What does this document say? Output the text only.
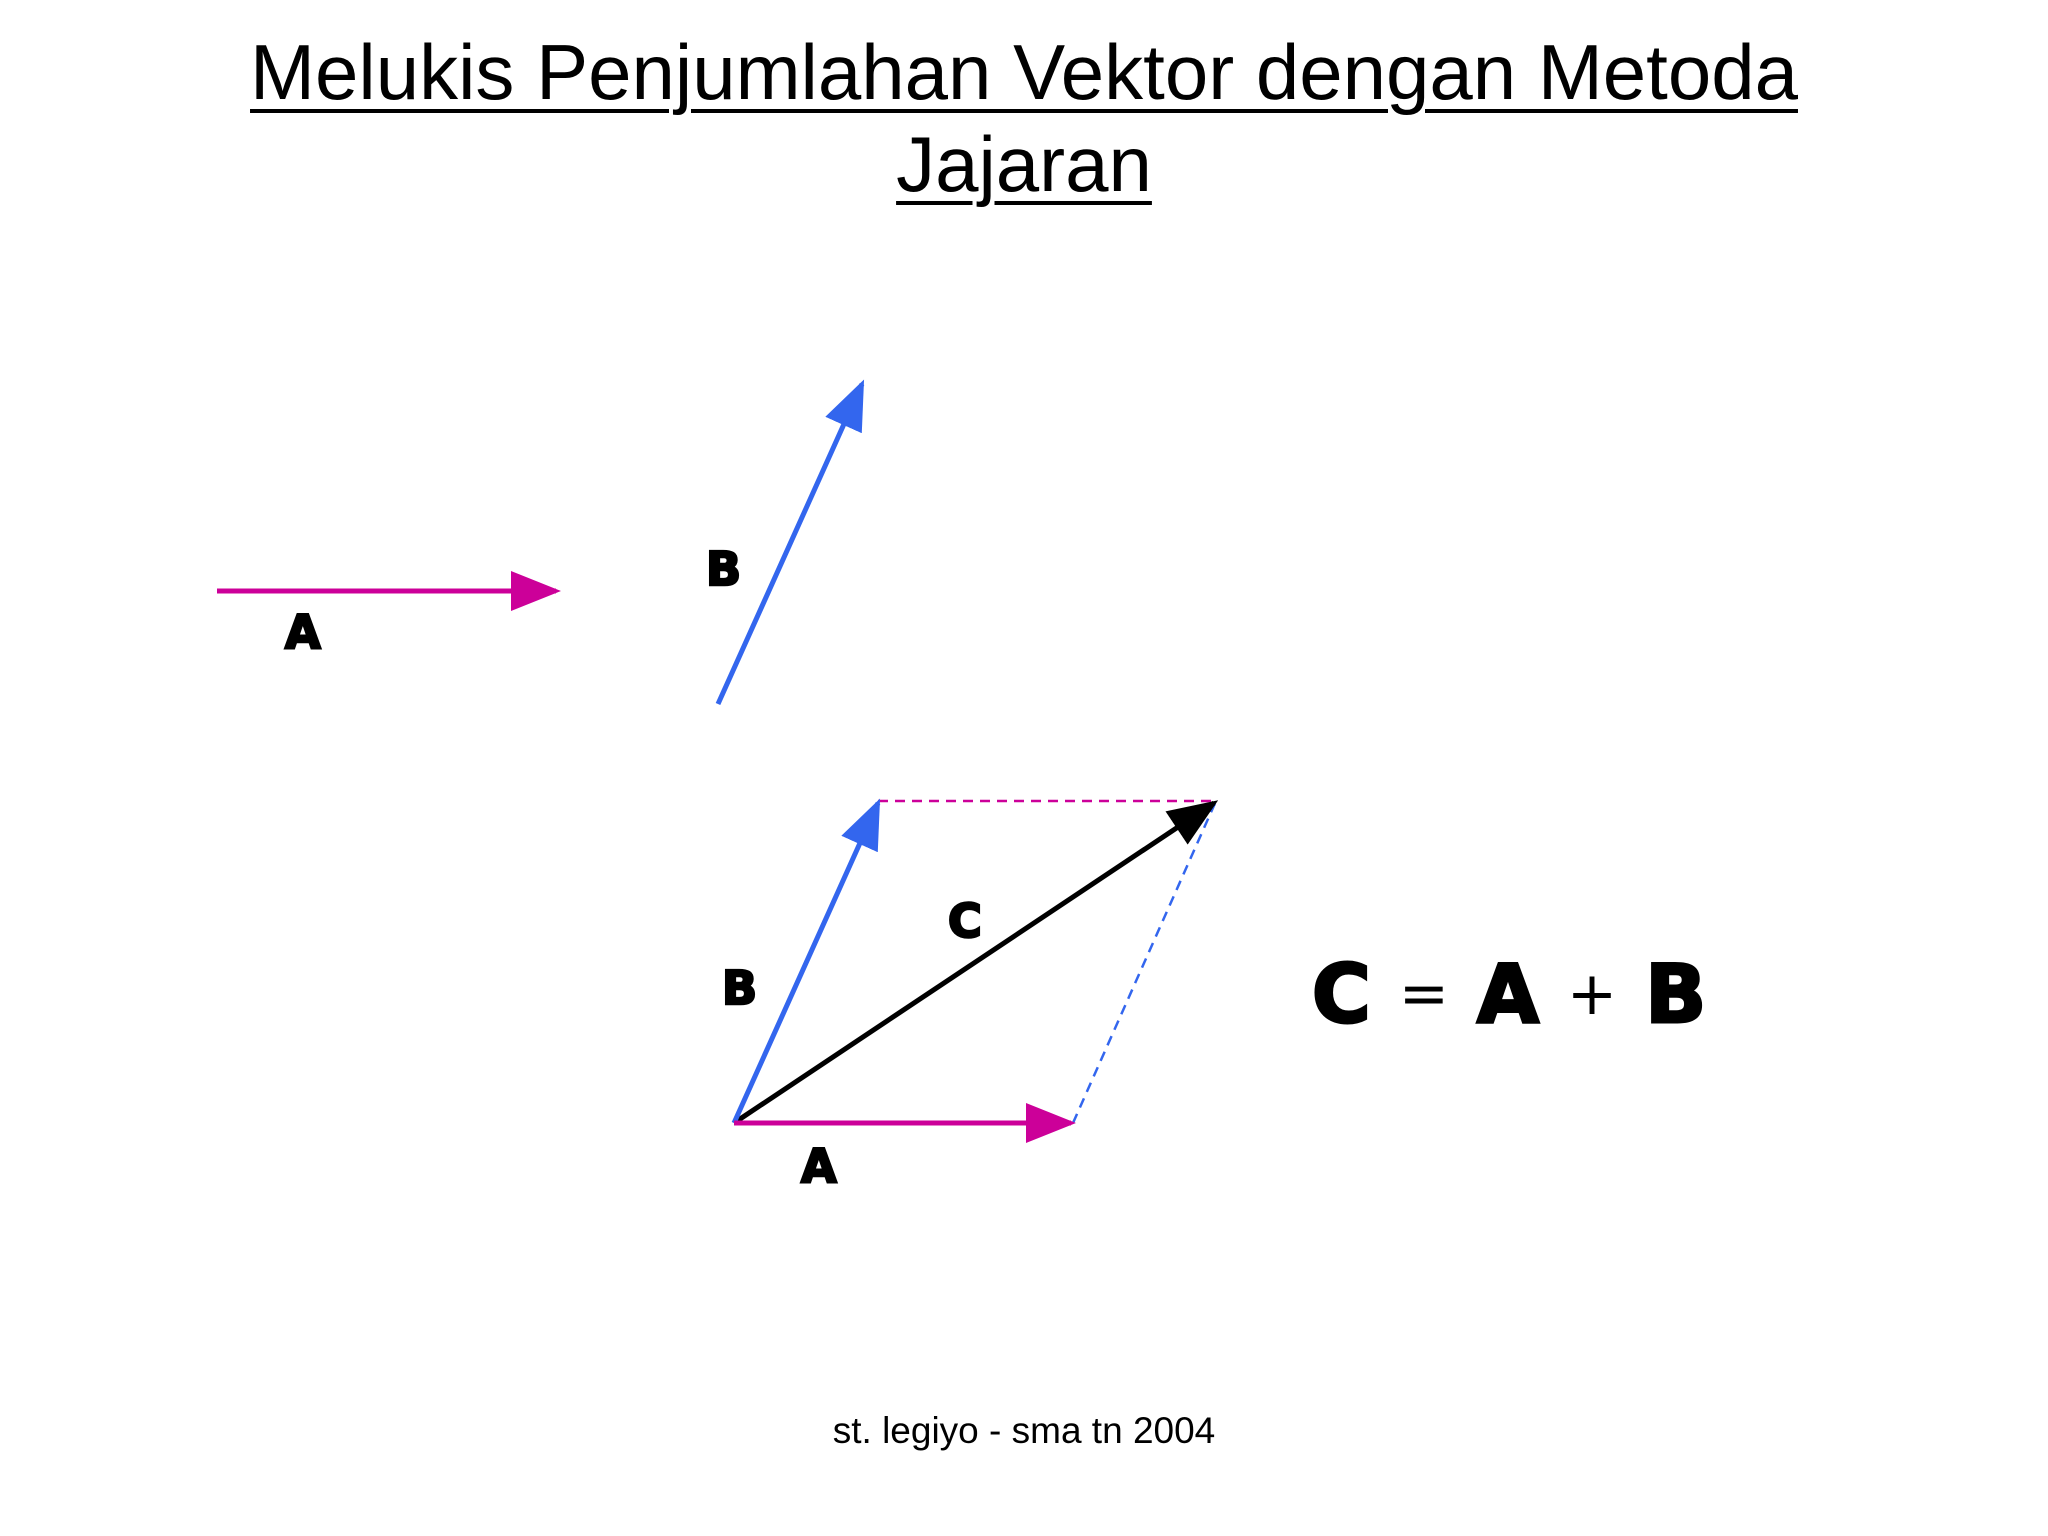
Melukis Penjumlahan Vektor dengan Metoda
Jajaran
A
B
C
B
A
C = A + B
st. legiyo - sma tn 2004
